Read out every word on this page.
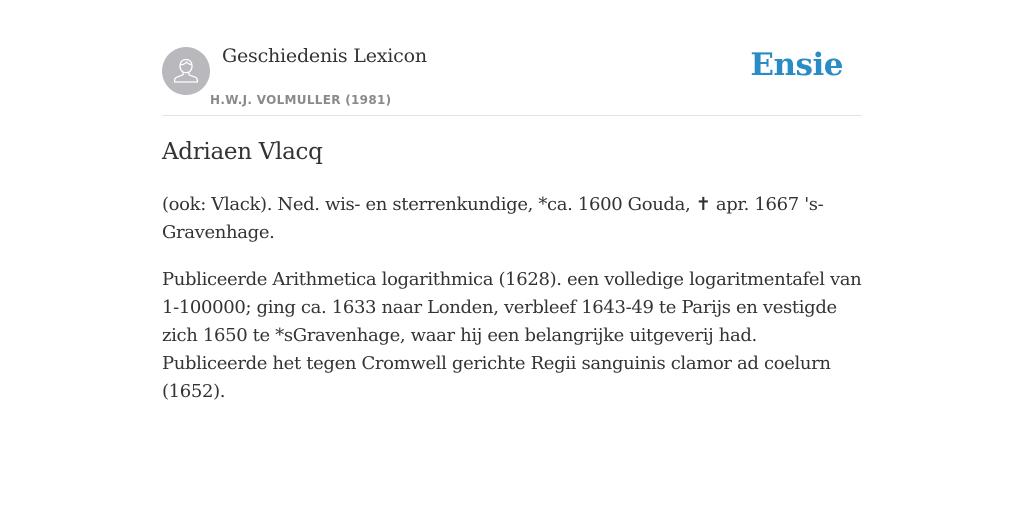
Geschiedenis Lexicon
H.W.J. VOLMULLER (1981)
Ensie
Adriaen Vlacq

(ook: Vlack). Ned. wis- en sterrenkundige, *ca. 1600 Gouda, ✝ apr. 1667 's-Gravenhage.

Publiceerde Arithmetica logarithmica (1628). een volledige logaritmentafel van 1-100000; ging ca. 1633 naar Londen, verbleef 1643-49 te Parijs en vestigde zich 1650 te *sGravenhage, waar hij een belangrijke uitgeverij had. Publiceerde het tegen Cromwell gerichte Regii sanguinis clamor ad coelurn (1652).
